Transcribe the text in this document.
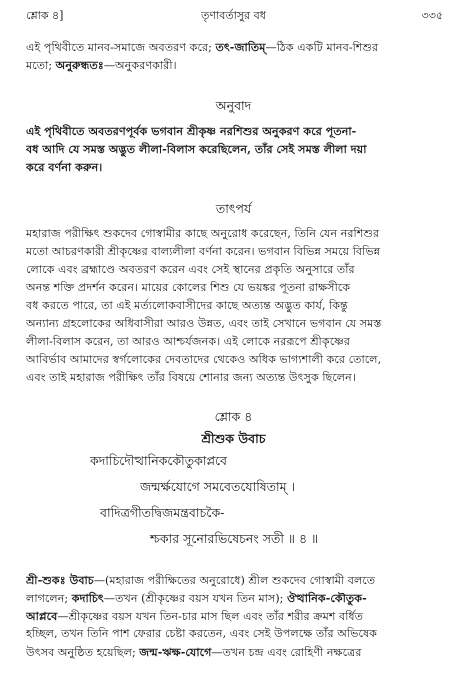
শ্লোক ৪]	তৃণাবর্তাসুর বধ	৩৩৫
এই পৃথিবীতে মানব-সমাজে অবতরণ করে; তৎ-জাতিম্—ঠিক একটি মানব-শিশুর
মতো; অনুরুন্ধতঃ—অনুকরণকারী।
অনুবাদ
এই পৃথিবীতে অবতরণপূর্বক ভগবান শ্রীকৃষ্ণ নরশিশুর অনুকরণ করে পূতনা-
বধ আদি যে সমস্ত অদ্ভুত লীলা-বিলাস করেছিলেন, তাঁর সেই সমস্ত লীলা দয়া
করে বর্ণনা করুন।
তাৎপর্য
মহারাজ পরীক্ষিৎ শুকদেব গোস্বামীর কাছে অনুরোধ করেছেন, তিনি যেন নরশিশুর
মতো আচরণকারী শ্রীকৃষ্ণের বাল্যলীলা বর্ণনা করেন। ভগবান বিভিন্ন সময়ে বিভিন্ন
লোকে এবং ব্রহ্মাণ্ডে অবতরণ করেন এবং সেই স্থানের প্রকৃতি অনুসারে তাঁর
অনন্ত শক্তি প্রদর্শন করেন। মায়ের কোলের শিশু যে ভয়ঙ্কর পূতনা রাক্ষসীকে
বধ করতে পারে, তা এই মর্ত্যলোকবাসীদের কাছে অত্যন্ত অদ্ভুত কার্য, কিন্তু
অন্যান্য গ্রহলোকের অধিবাসীরা আরও উন্নত, এবং তাই সেখানে ভগবান যে সমস্ত
লীলা-বিলাস করেন, তা আরও আশ্চর্যজনক। এই লোকে নররূপে শ্রীকৃষ্ণের
আবির্ভাব আমাদের স্বর্গলোকের দেবতাদের থেকেও অধিক ভাগ্যশালী করে তোলে,
এবং তাই মহারাজ পরীক্ষিৎ তাঁর বিষয়ে শোনার জন্য অত্যন্ত উৎসুক ছিলেন।
শ্লোক ৪
শ্রীশুক উবাচ
কদাচিদৌত্থানিককৌতুকাপ্লবে
জন্মর্ক্ষযোগে সমবেতযোষিতাম্ ।
বাদিত্রগীতদ্বিজমন্ত্রবাচকৈ-
শ্চকার সূনোরভিষেচনং সতী ॥ ৪ ॥
শ্রী-শুকঃ উবাচ—(মহারাজ পরীক্ষিতের অনুরোধে) শ্রীল শুকদেব গোস্বামী বলতে
লাগলেন; কদাচিৎ—তখন (শ্রীকৃষ্ণের বয়স যখন তিন মাস); ঔত্থানিক-কৌতুক-
আপ্লবে—শ্রীকৃষ্ণের বয়স যখন তিন-চার মাস ছিল এবং তাঁর শরীর ক্রমশ বর্ধিত
হচ্ছিল, তখন তিনি পাশ ফেরার চেষ্টা করতেন, এবং সেই উপলক্ষে তাঁর অভিষেক
উৎসব অনুষ্ঠিত হয়েছিল; জন্ম-ঋক্ষ-যোগে—তখন চন্দ্র এবং রোহিণী নক্ষত্রের
